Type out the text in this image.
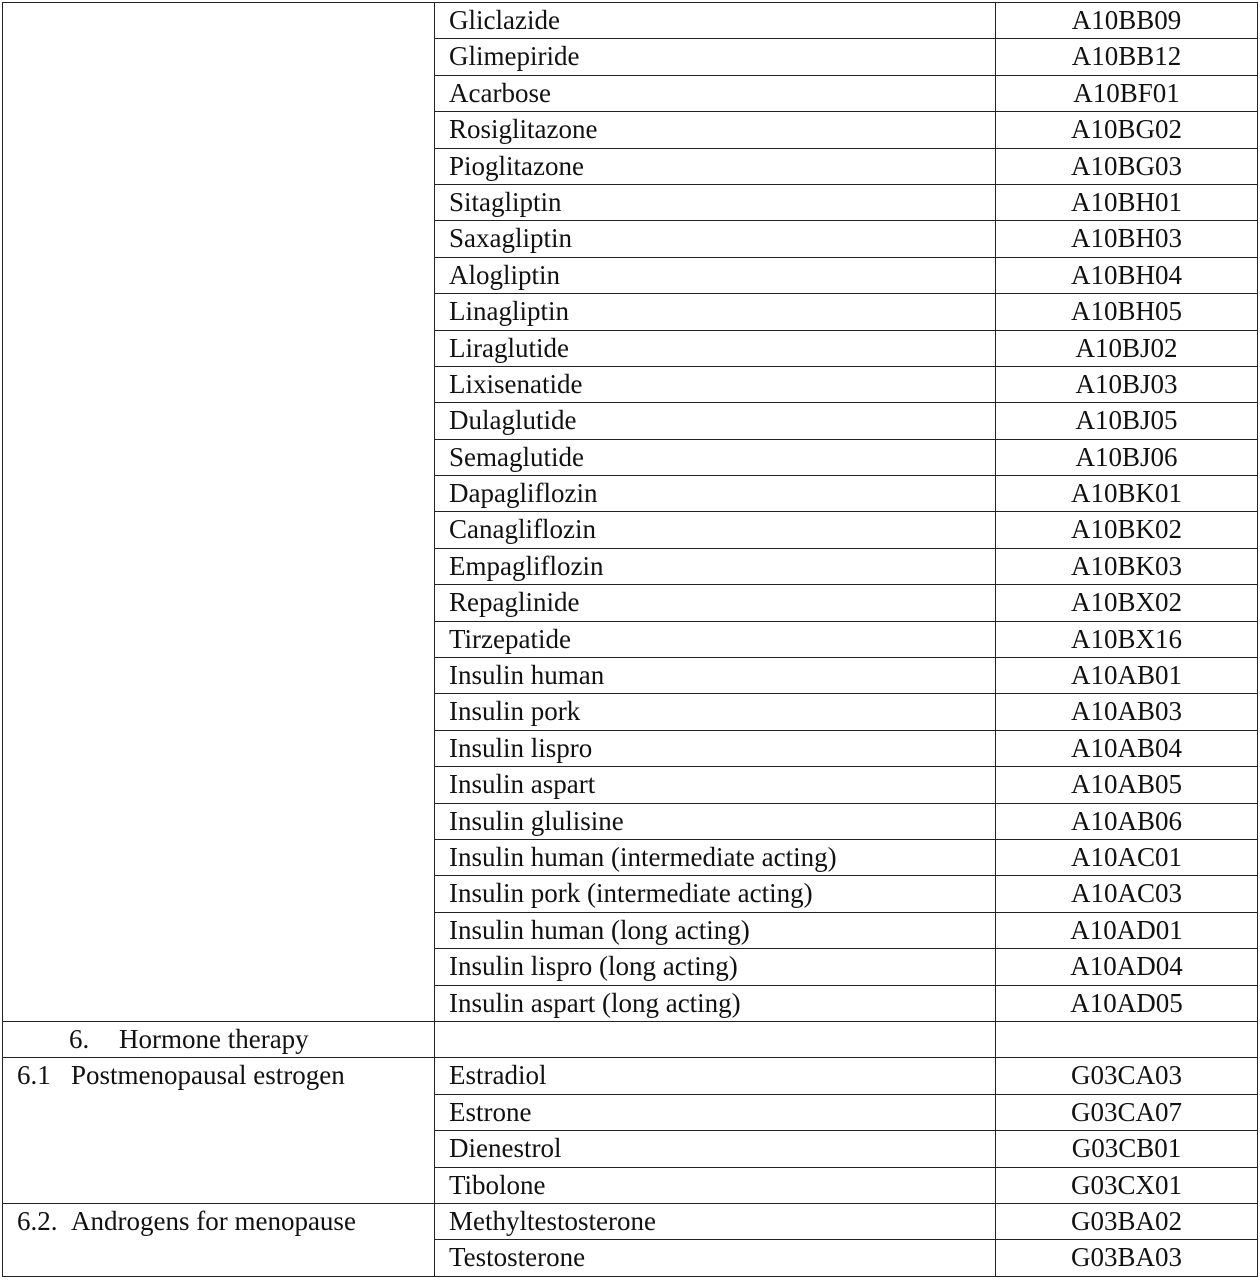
	Gliclazide	A10BB09
	Glimepiride	A10BB12
	Acarbose	A10BF01
	Rosiglitazone	A10BG02
	Pioglitazone	A10BG03
	Sitagliptin	A10BH01
	Saxagliptin	A10BH03
	Alogliptin	A10BH04
	Linagliptin	A10BH05
	Liraglutide	A10BJ02
	Lixisenatide	A10BJ03
	Dulaglutide	A10BJ05
	Semaglutide	A10BJ06
	Dapagliflozin	A10BK01
	Canagliflozin	A10BK02
	Empagliflozin	A10BK03
	Repaglinide	A10BX02
	Tirzepatide	A10BX16
	Insulin human	A10AB01
	Insulin pork	A10AB03
	Insulin lispro	A10AB04
	Insulin aspart	A10AB05
	Insulin glulisine	A10AB06
	Insulin human (intermediate acting)	A10AC01
	Insulin pork (intermediate acting)	A10AC03
	Insulin human (long acting)	A10AD01
	Insulin lispro (long acting)	A10AD04
	Insulin aspart (long acting)	A10AD05
6. Hormone therapy		
6.1 Postmenopausal estrogen	Estradiol	G03CA03
	Estrone	G03CA07
	Dienestrol	G03CB01
	Tibolone	G03CX01
6.2. Androgens for menopause	Methyltestosterone	G03BA02
	Testosterone	G03BA03
